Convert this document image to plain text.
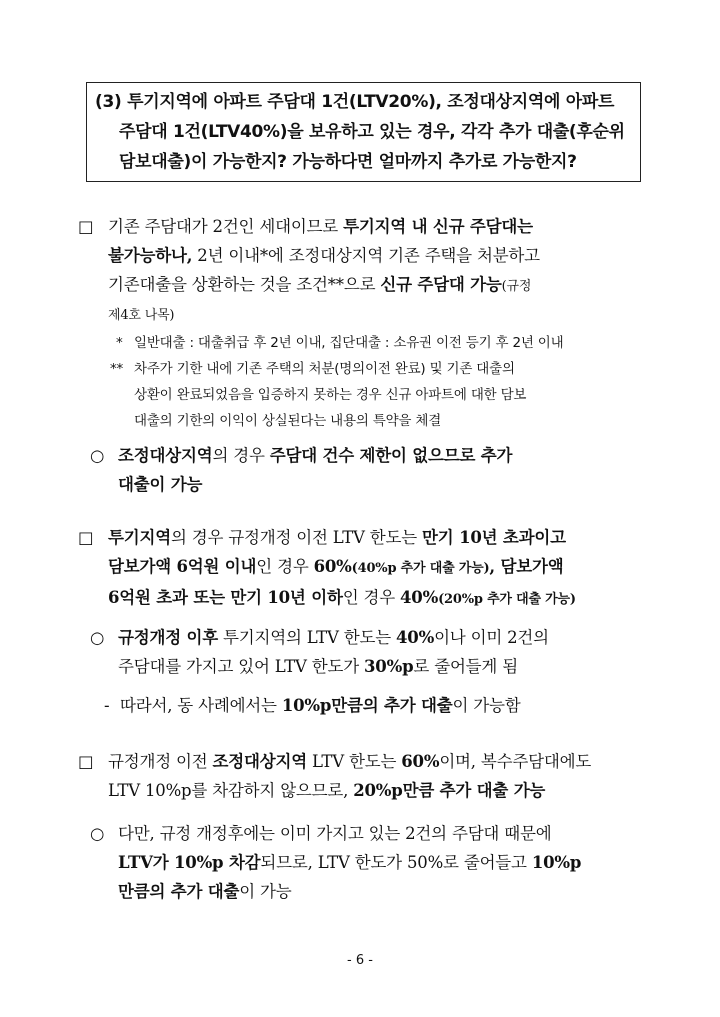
(3) 투기지역에 아파트 주담대 1건(LTV20%), 조정대상지역에 아파트
주담대 1건(LTV40%)을 보유하고 있는 경우, 각각 추가 대출(후순위
담보대출)이 가능한지? 가능하다면 얼마까지 추가로 가능한지?
□ 기존 주담대가 2건인 세대이므로 투기지역 내 신규 주담대는
불가능하나, 2년 이내*에 조정대상지역 기존 주택을 처분하고
기존대출을 상환하는 것을 조건**으로 신규 주담대 가능(규정
제4호 나목)
* 일반대출 : 대출취급 후 2년 이내, 집단대출 : 소유권 이전 등기 후 2년 이내
** 차주가 기한 내에 기존 주택의 처분(명의이전 완료) 및 기존 대출의
상환이 완료되었음을 입증하지 못하는 경우 신규 아파트에 대한 담보
대출의 기한의 이익이 상실된다는 내용의 특약을 체결
○ 조정대상지역의 경우 주담대 건수 제한이 없으므로 추가
대출이 가능
□ 투기지역의 경우 규정개정 이전 LTV 한도는 만기 10년 초과이고
담보가액 6억원 이내인 경우 60%(40%p 추가 대출 가능), 담보가액
6억원 초과 또는 만기 10년 이하인 경우 40%(20%p 추가 대출 가능)
○ 규정개정 이후 투기지역의 LTV 한도는 40%이나 이미 2건의
주담대를 가지고 있어 LTV 한도가 30%p로 줄어들게 됨
- 따라서, 동 사례에서는 10%p만큼의 추가 대출이 가능함
□ 규정개정 이전 조정대상지역 LTV 한도는 60%이며, 복수주담대에도
LTV 10%p를 차감하지 않으므로, 20%p만큼 추가 대출 가능
○ 다만, 규정 개정후에는 이미 가지고 있는 2건의 주담대 때문에
LTV가 10%p 차감되므로, LTV 한도가 50%로 줄어들고 10%p
만큼의 추가 대출이 가능
- 6 -
